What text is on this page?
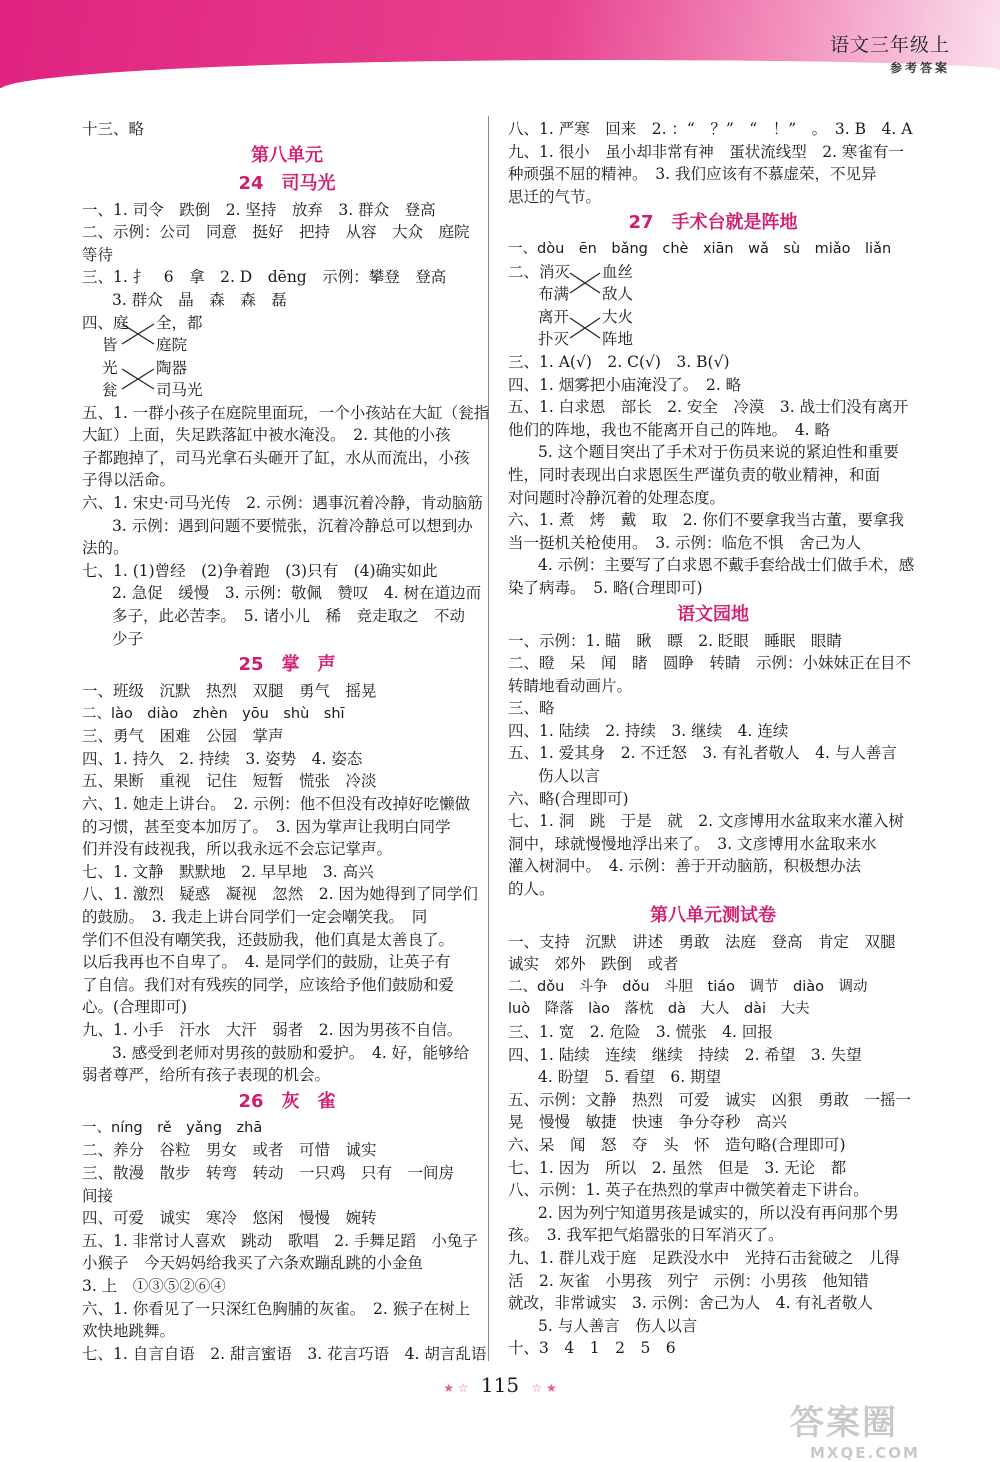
语文三年级上
参考答案
十三、略
第八单元
24　司马光
一、1. 司令　跌倒　2. 坚持　放弃　3. 群众　登高
二、示例：公司　同意　挺好　把持　从容　大众　庭院
等待
三、1. 扌　6　拿　2. D　dēng　示例：攀登　登高
3. 群众　晶　森　森　磊
四、庭
皆
全，都
庭院
光
瓮
陶器
司马光
五、1. 一群小孩子在庭院里面玩，一个小孩站在大缸（瓮指
大缸）上面，失足跌落缸中被水淹没。　2. 其他的小孩
子都跑掉了，司马光拿石头砸开了缸，水从而流出，小孩
子得以活命。
六、1. 宋史·司马光传　2. 示例：遇事沉着冷静，肯动脑筋
3. 示例：遇到问题不要慌张，沉着冷静总可以想到办
法的。
七、1. (1)曾经　(2)争着跑　(3)只有　(4)确实如此
2. 急促　缓慢　3. 示例：敬佩　赞叹　4. 树在道边而
多子，此必苦李。　5. 诸小儿　稀　竞走取之　不动
少子
25　掌　声
一、班级　沉默　热烈　双腿　勇气　摇晃
二、lào　diào　zhèn　yōu　shù　shī
三、勇气　困难　公园　掌声
四、1. 持久　2. 持续　3. 姿势　4. 姿态
五、果断　重视　记住　短暂　慌张　冷淡
六、1. 她走上讲台。　2. 示例：他不但没有改掉好吃懒做
的习惯，甚至变本加厉了。　3. 因为掌声让我明白同学
们并没有歧视我，所以我永远不会忘记掌声。
七、1. 文静　默默地　2. 早早地　3. 高兴
八、1. 激烈　疑惑　凝视　忽然　2. 因为她得到了同学们
的鼓励。　3. 我走上讲台同学们一定会嘲笑我。　同
学们不但没有嘲笑我，还鼓励我，他们真是太善良了。
以后我再也不自卑了。　4. 是同学们的鼓励，让英子有
了自信。我们对有残疾的同学，应该给予他们鼓励和爱
心。(合理即可)
九、1. 小手　汗水　大汗　弱者　2. 因为男孩不自信。
3. 感受到老师对男孩的鼓励和爱护。　4. 好，能够给
弱者尊严，给所有孩子表现的机会。
26　灰　雀
一、níng　rě　yǎng　zhā
二、养分　谷粒　男女　或者　可惜　诚实
三、散漫　散步　转弯　转动　一只鸡　只有　一间房
间接
四、可爱　诚实　寒冷　悠闲　慢慢　婉转
五、1. 非常讨人喜欢　跳动　歌唱　2. 手舞足蹈　小兔子
小猴子　今天妈妈给我买了六条欢蹦乱跳的小金鱼
3. 上　①③⑤②⑥④
六、1. 你看见了一只深红色胸脯的灰雀。　2. 猴子在树上
欢快地跳舞。
七、1. 自言自语　2. 甜言蜜语　3. 花言巧语　4. 胡言乱语
八、1. 严寒　回来　2. ：“　？”　“　！”　。　3. B　4. A
九、1. 很小　虽小却非常有神　蛋状流线型　2. 寒雀有一
种顽强不屈的精神。　3. 我们应该有不慕虚荣，不见异
思迁的气节。
27　手术台就是阵地
一、dòu　ēn　bǎng　chè　xiān　wǎ　sù　miǎo　liǎn
二、消灭
布满
血丝
敌人
离开
扑灭
大火
阵地
三、1. A(√)　2. C(√)　3. B(√)
四、1. 烟雾把小庙淹没了。　2. 略
五、1. 白求恩　部长　2. 安全　冷漠　3. 战士们没有离开
他们的阵地，我也不能离开自己的阵地。　4. 略
5. 这个题目突出了手术对于伤员来说的紧迫性和重要
性，同时表现出白求恩医生严谨负责的敬业精神，和面
对问题时冷静沉着的处理态度。
六、1. 煮　烤　戴　取　2. 你们不要拿我当古董，要拿我
当一挺机关枪使用。　3. 示例：临危不惧　舍己为人
4. 示例：主要写了白求恩不戴手套给战士们做手术，感
染了病毒。　5. 略(合理即可)
语文园地
一、示例：1. 瞄　瞅　瞟　2. 眨眼　睡眠　眼睛
二、瞪　呆　闻　睹　圆睁　转睛　示例：小妹妹正在目不
转睛地看动画片。
三、略
四、1. 陆续　2. 持续　3. 继续　4. 连续
五、1. 爱其身　2. 不迁怒　3. 有礼者敬人　4. 与人善言
伤人以言
六、略(合理即可)
七、1. 洞　跳　于是　就　2. 文彦博用水盆取来水灌入树
洞中，球就慢慢地浮出来了。　3. 文彦博用水盆取来水
灌入树洞中。　4. 示例：善于开动脑筋，积极想办法
的人。
第八单元测试卷
一、支持　沉默　讲述　勇敢　法庭　登高　肯定　双腿
诚实　郊外　跌倒　或者
二、dǒu　斗争　dǒu　斗胆　tiáo　调节　diào　调动
luò　降落　lào　落枕　dà　大人　dài　大夫
三、1. 宽　2. 危险　3. 慌张　4. 回报
四、1. 陆续　连续　继续　持续　2. 希望　3. 失望
4. 盼望　5. 看望　6. 期望
五、示例：文静　热烈　可爱　诚实　凶狠　勇敢　一摇一
晃　慢慢　敏捷　快速　争分夺秒　高兴
六、呆　闻　怒　夺　头　怀　造句略(合理即可)
七、1. 因为　所以　2. 虽然　但是　3. 无论　都
八、示例：1. 英子在热烈的掌声中微笑着走下讲台。
2. 因为列宁知道男孩是诚实的，所以没有再问那个男
孩。　3. 我军把气焰嚣张的日军消灭了。
九、1. 群儿戏于庭　足跌没水中　光持石击瓮破之　儿得
活　2. 灰雀　小男孩　列宁　示例：小男孩　他知错
就改，非常诚实　3. 示例：舍己为人　4. 有礼者敬人
5. 与人善言　伤人以言
十、3　4　1　2　5　6
★ ☆ 115 ☆ ★
答案圈
MXQE.COM
